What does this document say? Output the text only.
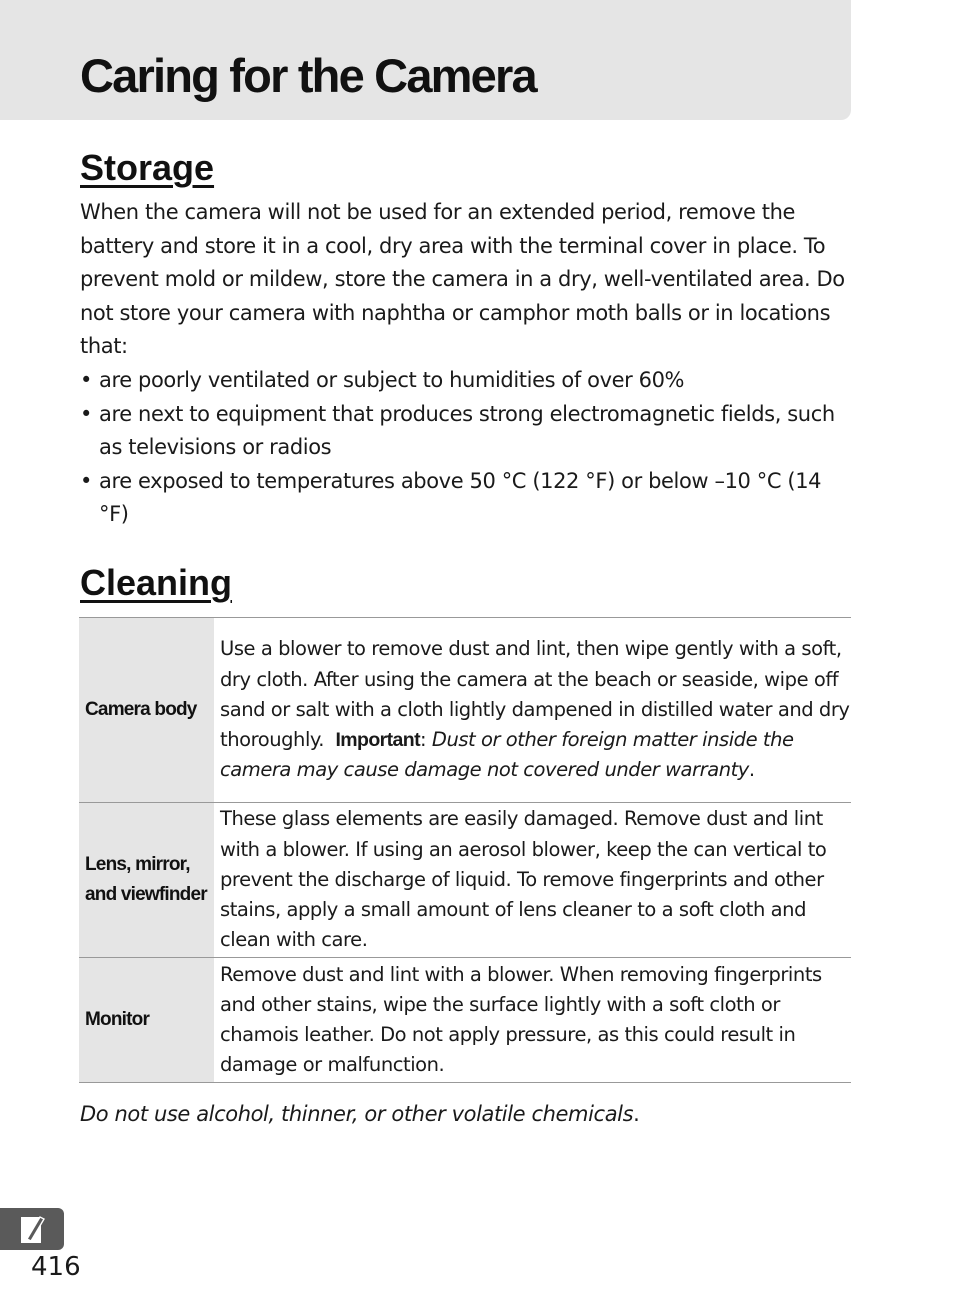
Caring for the Camera
Storage

When the camera will not be used for an extended period, remove the battery and store it in a cool, dry area with the terminal cover in place. To prevent mold or mildew, store the camera in a dry, well-ventilated area. Do not store your camera with naphtha or camphor moth balls or in locations that:

• are poorly ventilated or subject to humidities of over 60%
• are next to equipment that produces strong electromagnetic fields, such as televisions or radios
• are exposed to temperatures above 50 °C (122 °F) or below –10 °C (14 °F)
Cleaning
Camera body	Use a blower to remove dust and lint, then wipe gently with a soft, dry cloth. After using the camera at the beach or seaside, wipe off sand or salt with a cloth lightly dampened in distilled water and dry thoroughly. Important: Dust or other foreign matter inside the camera may cause damage not covered under warranty.
Lens, mirror, and viewfinder	These glass elements are easily damaged. Remove dust and lint with a blower. If using an aerosol blower, keep the can vertical to prevent the discharge of liquid. To remove fingerprints and other stains, apply a small amount of lens cleaner to a soft cloth and clean with care.
Monitor	Remove dust and lint with a blower. When removing fingerprints and other stains, wipe the surface lightly with a soft cloth or chamois leather. Do not apply pressure, as this could result in damage or malfunction.

Do not use alcohol, thinner, or other volatile chemicals.

416
